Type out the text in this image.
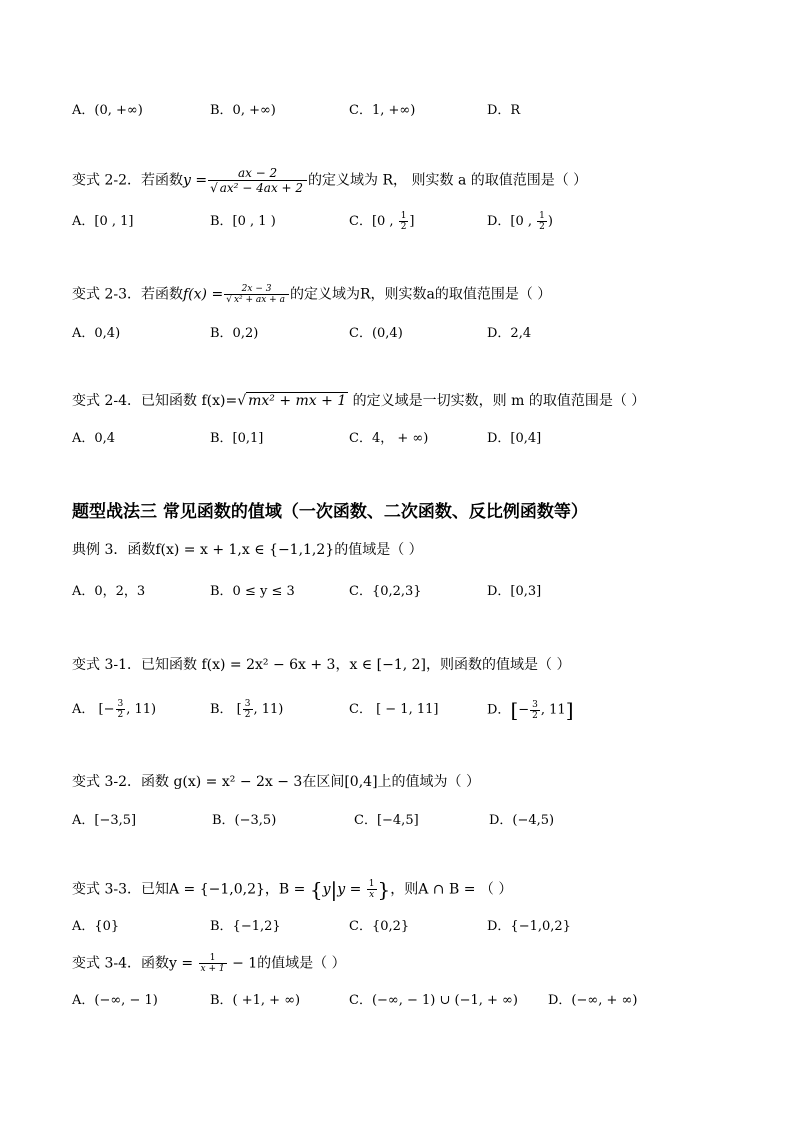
A．(0, +∞)	B．0, +∞)	C．1, +∞)	D．R
变式 2-2．若函数$y = \frac{ax - 2}{\text{√ ax² − 4ax + 2}}$ 的定义域为 R， 则实数 a 的取值范围是（ ）
A．[0 , 1]	B．[0 , 1 )	C．[0 , $\frac{1}{2}$ ]	D．[0 , $\frac{1}{2}$ )
变式 2-3．若函数$f(x) = \frac{2x - 3}{\text{√ x² + ax + a}}$ 的定义域为R，则实数a的取值范围是（ ）
A．0,4)	B．0,2)	C．(0,4)	D．2,4
变式 2-4．已知函数 f(x)=√ mx² + mx + 1 的定义域是一切实数，则 m 的取值范围是（ ）
A．0,4	B．[0,1]	C．4， + ∞)	D．[0,4]
题型战法三 常见函数的值域（一次函数、二次函数、反比例函数等）
典例 3．函数f(x) = x + 1,x ∈ {−1,1,2}的值域是（ ）
A．0，2，3	B．0 ≤ y ≤ 3	C．{0,2,3}	D．[0,3]
变式 3-1．已知函数 f(x) = 2x² − 6x + 3，x ∈ [−1, 2]，则函数的值域是（ ）
A． [− $\frac{3}{2}$ , 11)	B． [ $\frac{3}{2}$ , 11)	C． [ − 1, 11]	D．[− $\frac{3}{2}$ , 11]
变式 3-2．函数 g(x) = x² − 2x − 3在区间[0,4]上的值域为（ ）
A．[−3,5]	B．(−3,5)	C．[−4,5]	D．(−4,5)
变式 3-3．已知A = {−1,0,2}，$B = \{y|y = \frac{1}{x}$ }，则A ∩ B = （ ）
A．{0}	B．{−1,2}	C．{0,2}	D．{−1,0,2}
变式 3-4．函数$y = \frac{1}{x + 1} - 1$的值域是（ ）
A．(−∞, − 1)	B．( +1, + ∞)	C．(−∞, − 1) ∪ (−1, + ∞) D．(−∞, + ∞)
